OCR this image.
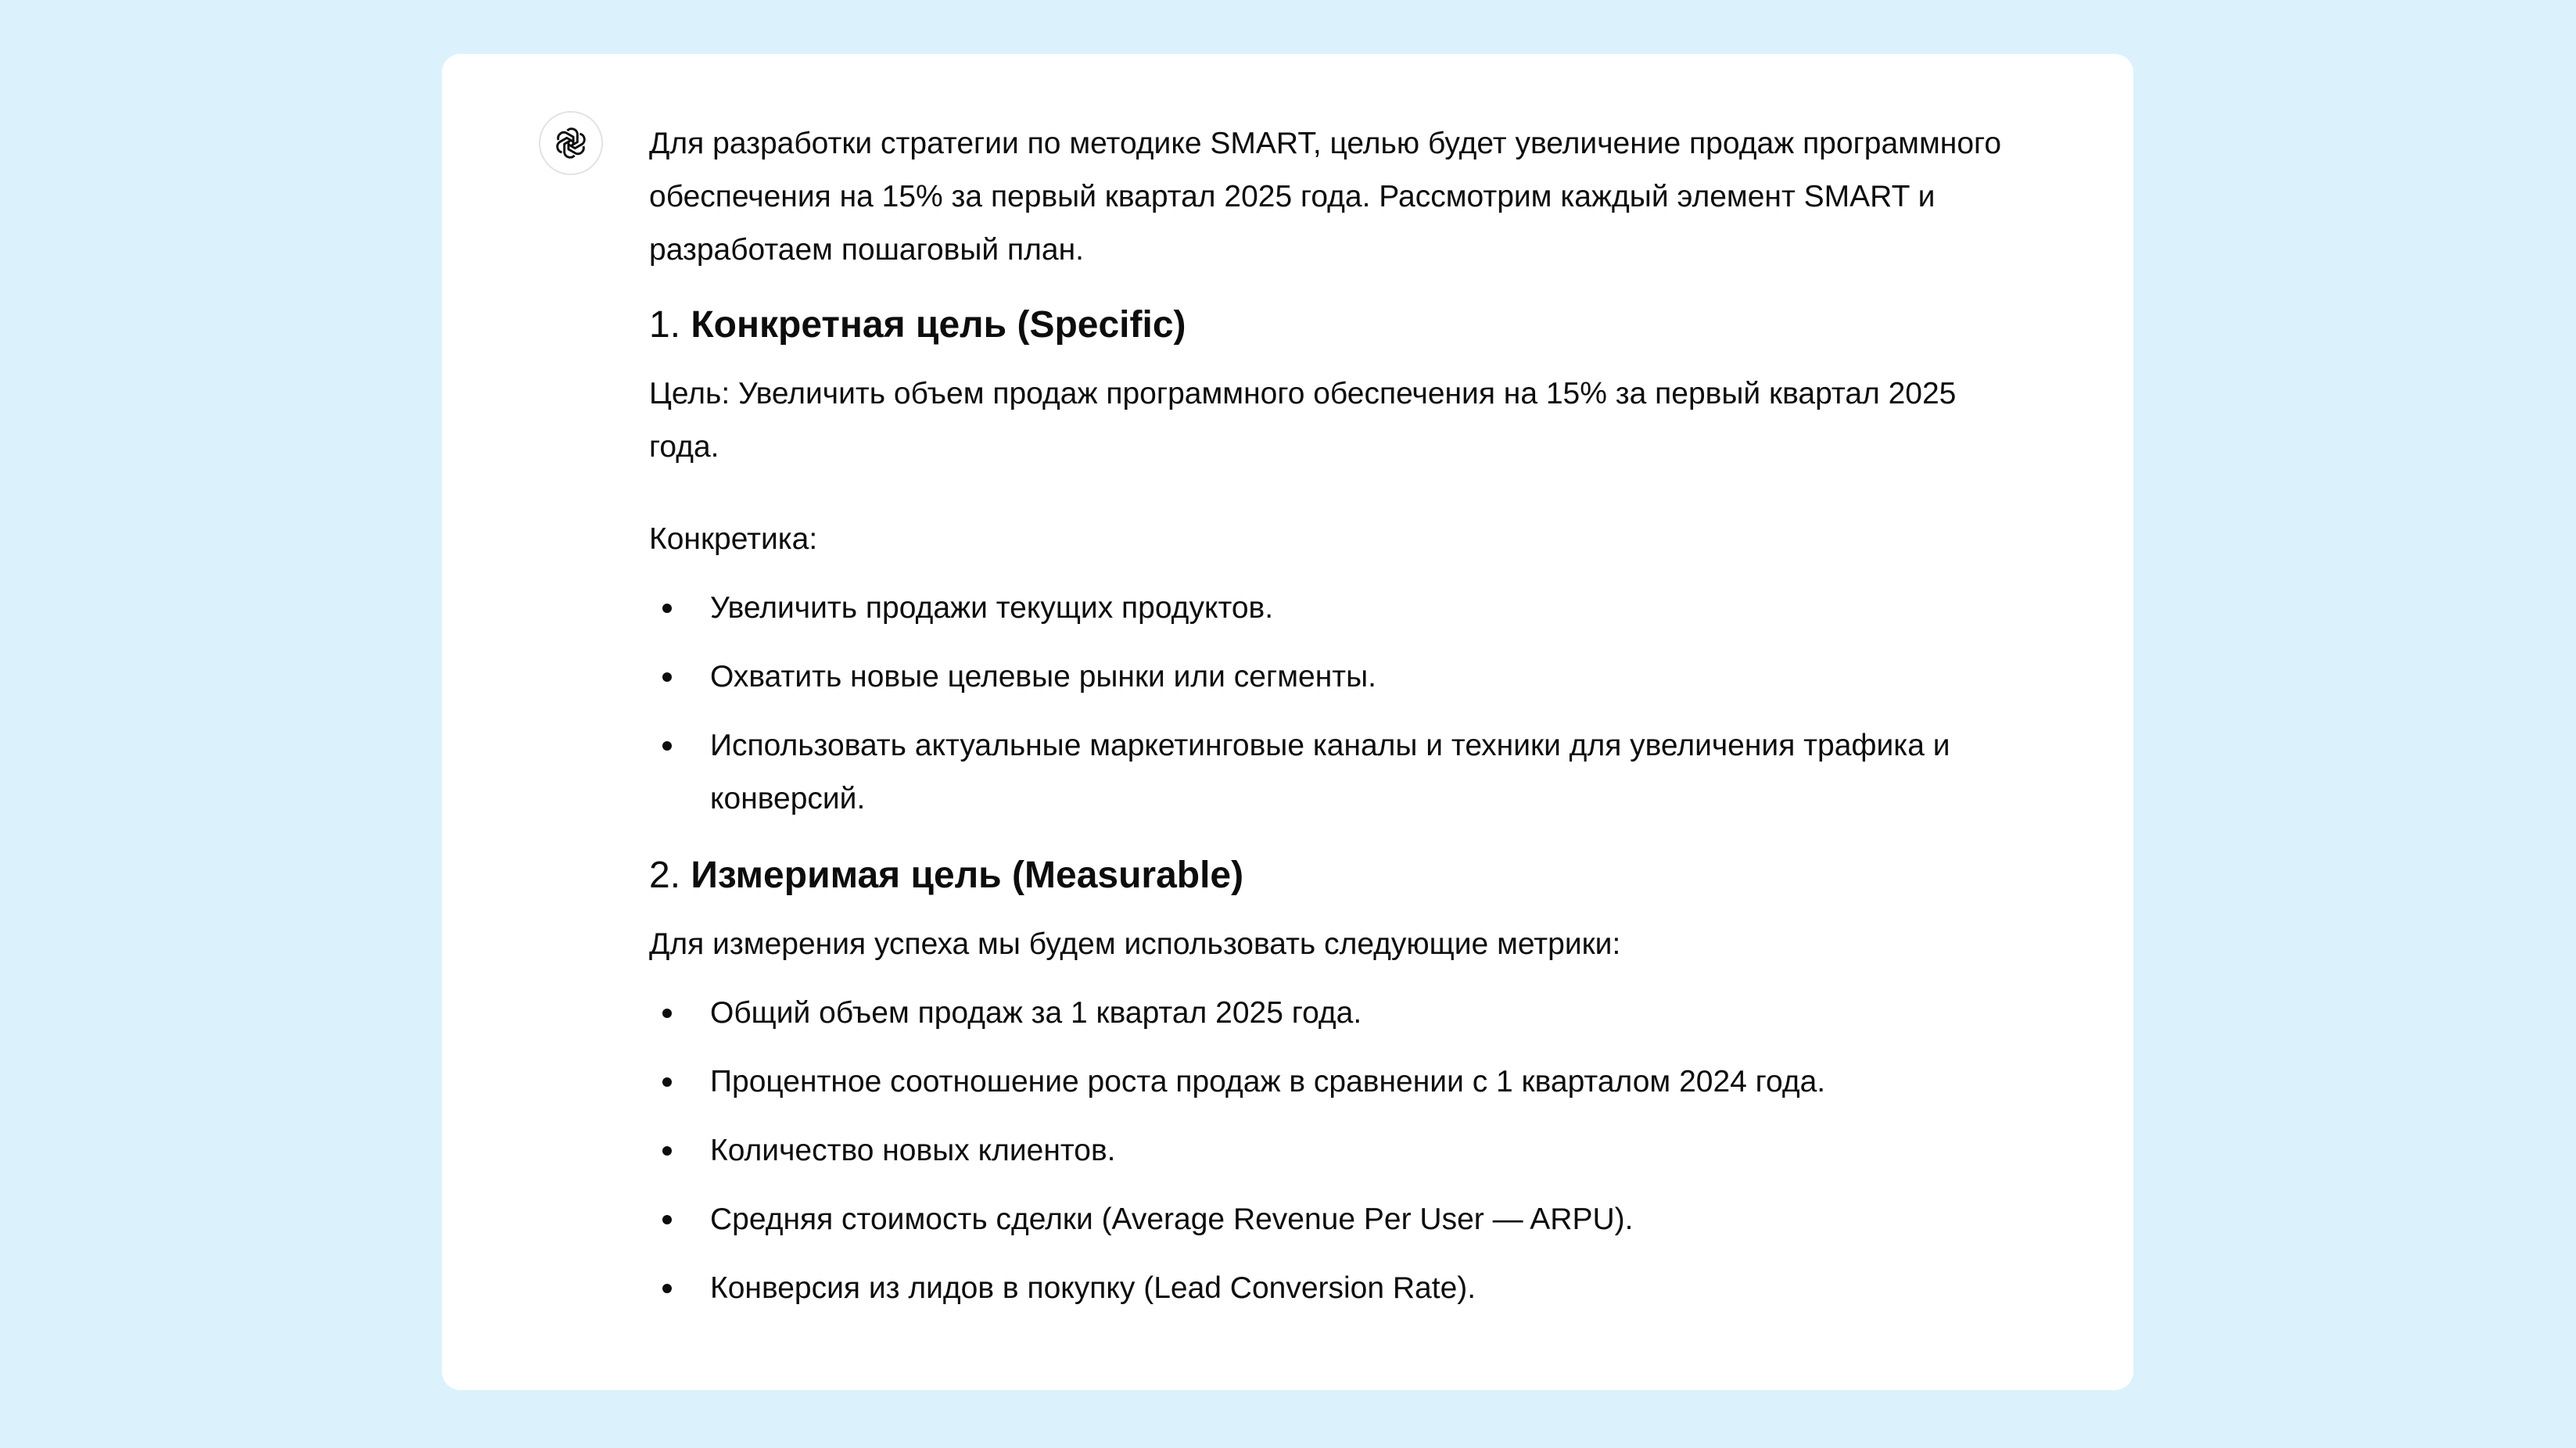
Для разработки стратегии по методике SMART, целью будет увеличение продаж программного обеспечения на 15% за первый квартал 2025 года. Рассмотрим каждый элемент SMART и разработаем пошаговый план.

1. Конкретная цель (Specific)

Цель: Увеличить объем продаж программного обеспечения на 15% за первый квартал 2025 года.

Конкретика:

Увеличить продажи текущих продуктов.
Охватить новые целевые рынки или сегменты.
Использовать актуальные маркетинговые каналы и техники для увеличения трафика и конверсий.
2. Измеримая цель (Measurable)

Для измерения успеха мы будем использовать следующие метрики:

Общий объем продаж за 1 квартал 2025 года.
Процентное соотношение роста продаж в сравнении с 1 кварталом 2024 года.
Количество новых клиентов.
Средняя стоимость сделки (Average Revenue Per User — ARPU).
Конверсия из лидов в покупку (Lead Conversion Rate).
